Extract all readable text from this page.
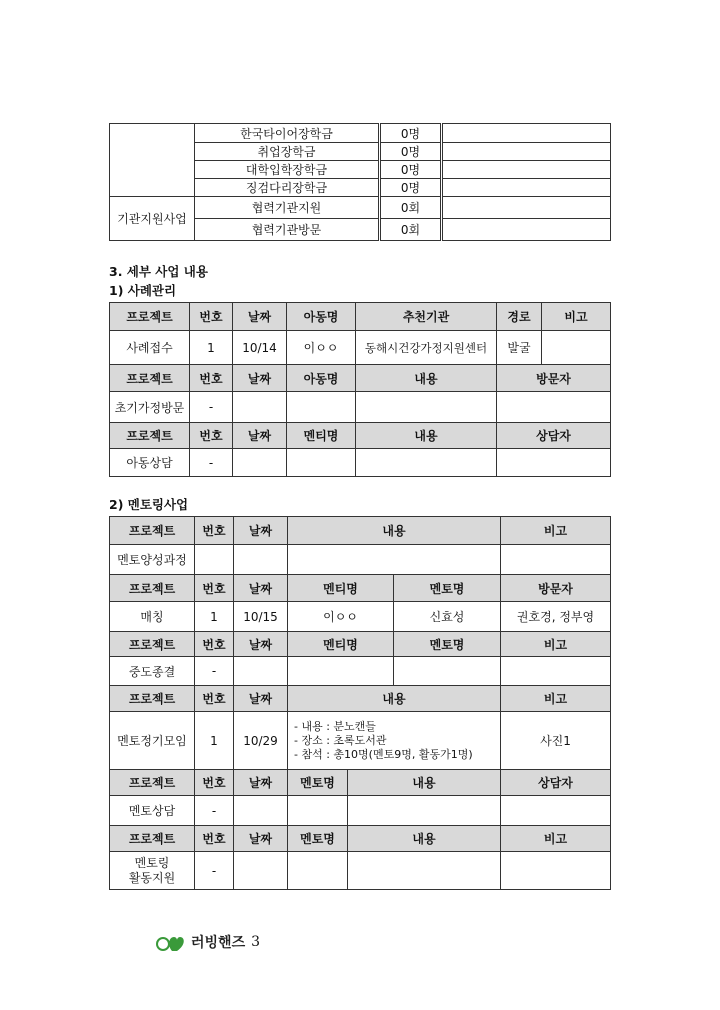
	한국타이어장학금	0명	
	취업장학금	0명	
	대학입학장학금	0명	
	징검다리장학금	0명	
기관지원사업	협력기관지원	0회	
	협력기관방문	0회	
3. 세부 사업 내용
1) 사례관리
프로젝트	번호	날짜	아동명	추천기관	경로	비고
사례접수	1	10/14	이ㅇㅇ	동해시건강가정지원센터	발굴	
프로젝트	번호	날짜	아동명	내용	방문자	
초기가정방문	-					
프로젝트	번호	날짜	멘티명	내용	상담자	
아동상담	-					
2) 멘토링사업
프로젝트	번호	날짜	내용			비고
멘토양성과정						
프로젝트	번호	날짜	멘티명		멘토명	방문자
매칭	1	10/15	이ㅇㅇ		신효성	권호경, 정부영
프로젝트	번호	날짜	멘티명		멘토명	비고
중도종결	-					
프로젝트	번호	날짜	내용			비고
멘토정기모임	1	10/29	- 내용 : 분노캔들
- 장소 : 초록도서관
- 참석 : 총10명(멘토9명, 활동가1명)			사진1
프로젝트	번호	날짜	멘토명	내용		상담자
멘토상담	-					
프로젝트	번호	날짜	멘토명	내용		비고

멘토링
활동지원	-					
러빙핸즈 3
